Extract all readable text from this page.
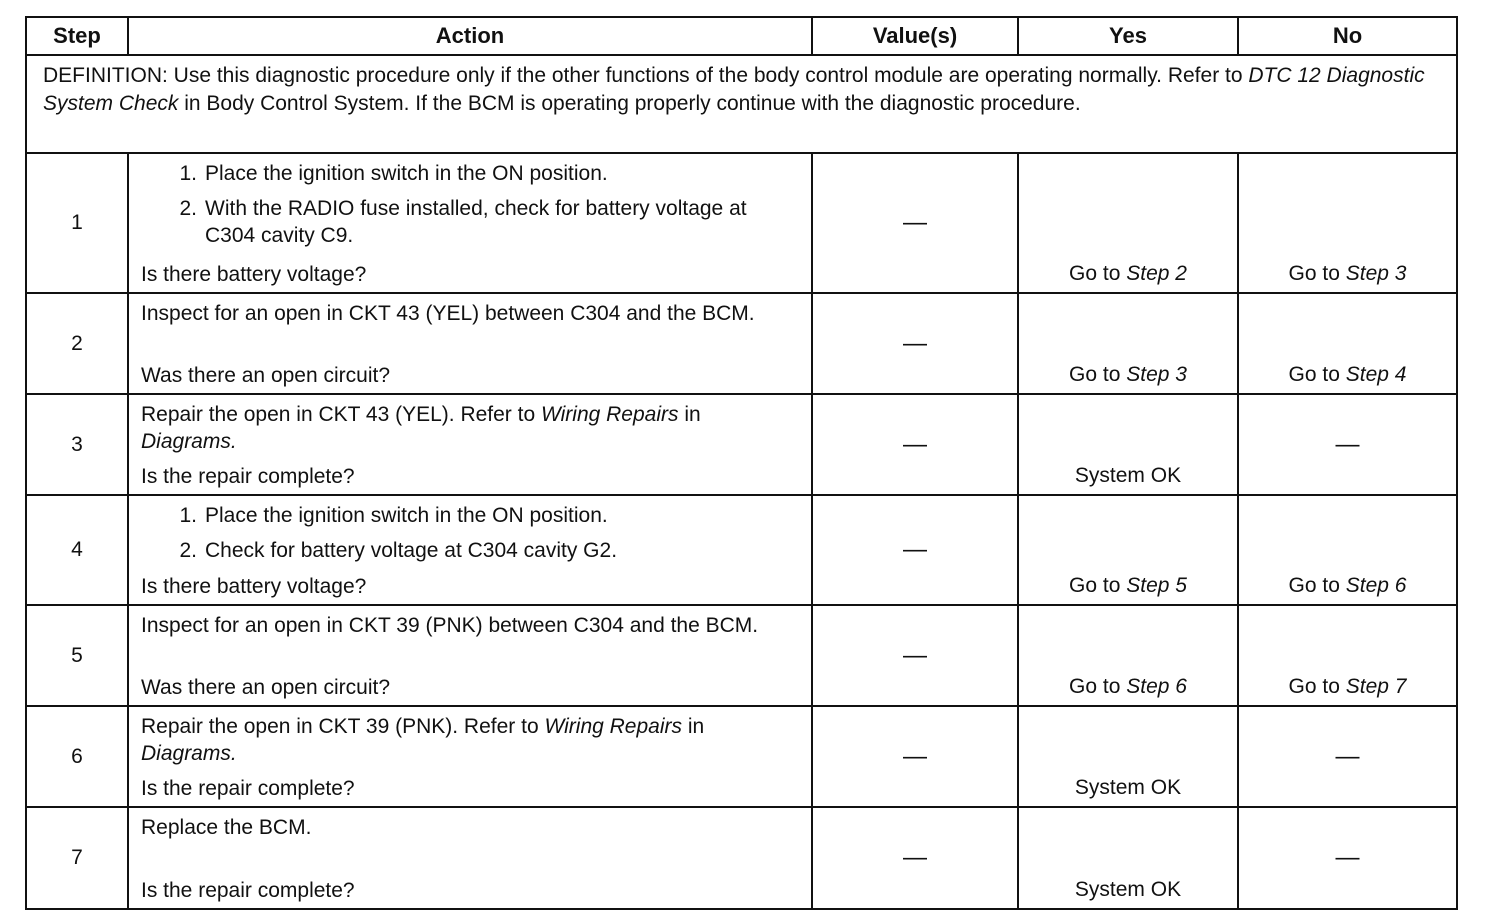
Step	Action	Value(s)	Yes	No
DEFINITION: Use this diagnostic procedure only if the other functions of the body control module are operating normally. Refer to DTC 12 Diagnostic System Check in Body Control System. If the BCM is operating properly continue with the diagnostic procedure.				
1	1. Place the ignition switch in the ON position.
2. With the RADIO fuse installed, check for battery voltage at C304 cavity C9.
Is there battery voltage?	—	Go to Step 2	Go to Step 3
2	Inspect for an open in CKT 43 (YEL) between C304 and the BCM.
Was there an open circuit?	—	Go to Step 3	Go to Step 4
3	Repair the open in CKT 43 (YEL). Refer to Wiring Repairs in Diagrams.
Is the repair complete?	—	System OK	—
4	1. Place the ignition switch in the ON position.
2. Check for battery voltage at C304 cavity G2.
Is there battery voltage?	—	Go to Step 5	Go to Step 6
5	Inspect for an open in CKT 39 (PNK) between C304 and the BCM.
Was there an open circuit?	—	Go to Step 6	Go to Step 7
6	Repair the open in CKT 39 (PNK). Refer to Wiring Repairs in Diagrams.
Is the repair complete?	—	System OK	—
7	Replace the BCM.
Is the repair complete?	—	System OK	—
